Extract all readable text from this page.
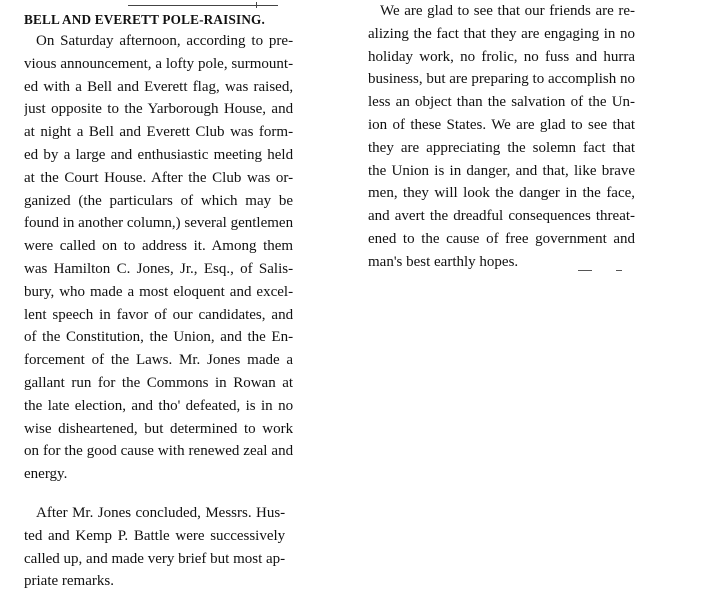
BELL AND EVERETT POLE-RAISING.
On Saturday afternoon, according to pre-
vious announcement, a lofty pole, surmount-
ed with a Bell and Everett flag, was raised,
just opposite to the Yarborough House, and
at night a Bell and Everett Club was form-
ed by a large and enthusiastic meeting held
at the Court House. After the Club was or-
ganized (the particulars of which may be
found in another column,) several gentlemen
were called on to address it. Among them
was Hamilton C. Jones, Jr., Esq., of Salis-
bury, who made a most eloquent and excel-
lent speech in favor of our candidates, and
of the Constitution, the Union, and the En-
forcement of the Laws. Mr. Jones made a
gallant run for the Commons in Rowan at
the late election, and tho' defeated, is in no
wise disheartened, but determined to work
on for the good cause with renewed zeal and
energy.
After Mr. Jones concluded, Messrs. Hus-
ted and Kemp P. Battle were successively
called up, and made very brief but most ap-
priate remarks.
We are glad to see that our friends are re-
alizing the fact that they are engaging in no
holiday work, no frolic, no fuss and hurra
business, but are preparing to accomplish no
less an object than the salvation of the Un-
ion of these States. We are glad to see that
they are appreciating the solemn fact that
the Union is in danger, and that, like brave
men, they will look the danger in the face,
and avert the dreadful consequences threat-
ened to the cause of free government and
man's best earthly hopes.
